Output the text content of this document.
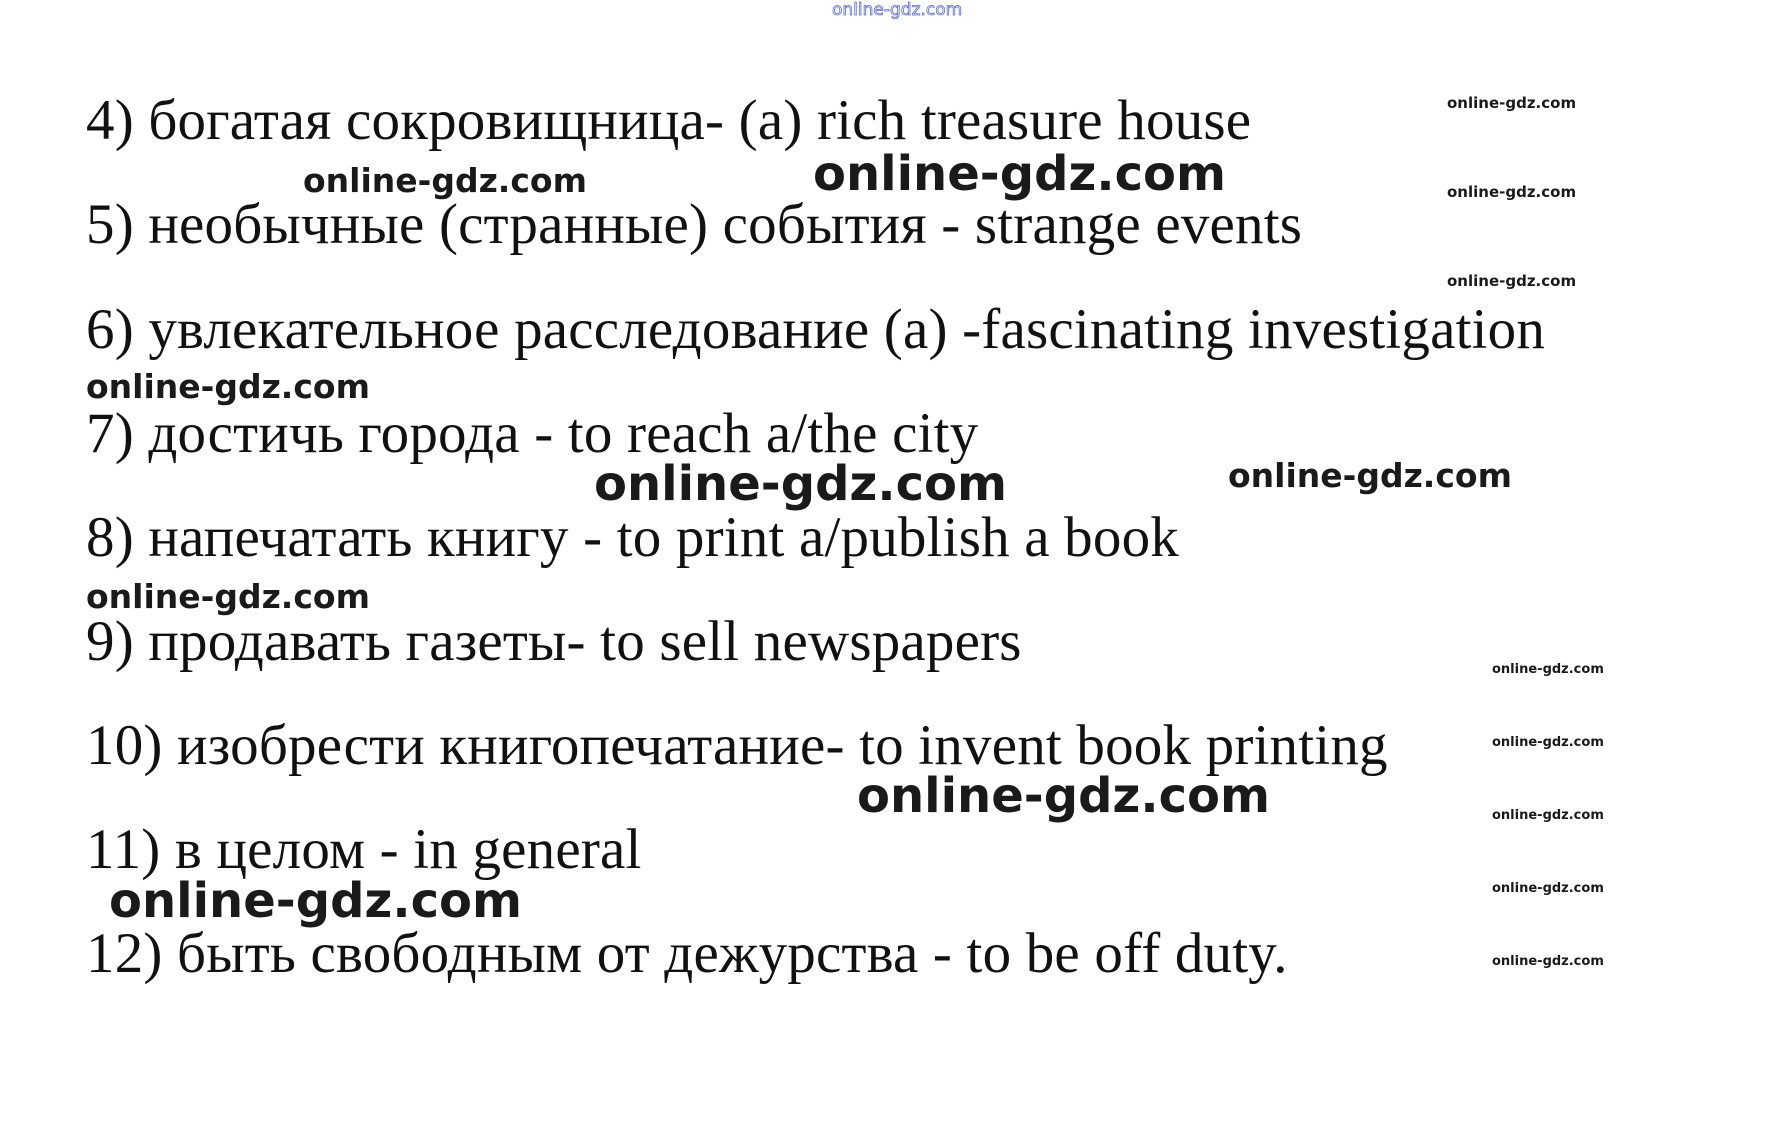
online-gdz.com

4) богатая сокровищница- (a) rich treasure house

5) необычные (странные) события - strange events

6) увлекательное расследование (a) -fascinating investigation

7) достичь города - to reach a/the city

8) напечатать книгу - to print a/publish a book

9) продавать газеты- to sell newspapers

10) изобрести книгопечатание- to invent book printing

11) в целом - in general

12) быть свободным от дежурства - to be off duty.

online-gdz.com
online-gdz.com
online-gdz.com
online-gdz.com
online-gdz.com
online-gdz.com
online-gdz.com
online-gdz.com
online-gdz.com
online-gdz.com
online-gdz.com
online-gdz.com
online-gdz.com
online-gdz.com
online-gdz.com
online-gdz.com
